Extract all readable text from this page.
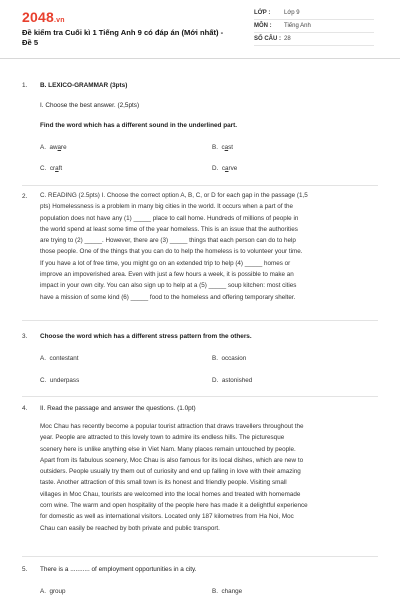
2048.vn
Đề kiểm tra Cuối kì 1 Tiếng Anh 9 có đáp án (Mới nhất) - Đề 5
LỚP : Lớp 9
MÔN : Tiếng Anh
SỐ CÂU : 28
1. B. LEXICO-GRAMMAR (3pts)
I. Choose the best answer. (2,5pts)
Find the word which has a different sound in the underlined part.
A. aware	B. cast
C. craft	D. carve
2. C. READING (2.5pts) I. Choose the correct option A, B, C, or D for each gap in the passage (1,5
pts) Homelessness is a problem in many big cities in the world. It occurs when a part of the
population does not have any (1) _____ place to call home. Hundreds of millions of people in
the world spend at least some time of the year homeless. This is an issue that the authorities
are trying to (2) _____. However, there are (3) _____ things that each person can do to help
those people. One of the things that you can do to help the homeless is to volunteer your time.
If you have a lot of free time, you might go on an extended trip to help (4) _____ homes or
improve an impoverished area. Even with just a few hours a week, it is possible to make an
impact in your own city. You can also sign up to help at a (5) _____ soup kitchen: most cities
have a mission of some kind (6) _____ food to the homeless and offering temporary shelter.
3. Choose the word which has a different stress pattern from the others.
A. contestant	B. occasion
C. underpass	D. astonished
4. II. Read the passage and answer the questions. (1.0pt)
Moc Chau has recently become a popular tourist attraction that draws travellers throughout the
year. People are attracted to this lovely town to admire its endless hills. The picturesque
scenery here is unlike anything else in Viet Nam. Many places remain untouched by people.
Apart from its fabulous scenery, Moc Chau is also famous for its local dishes, which are new to
outsiders. People usually try them out of curiosity and end up falling in love with their amazing
taste. Another attraction of this small town is its honest and friendly people. Visiting small
villages in Moc Chau, tourists are welcomed into the local homes and treated with homemade
corn wine. The warm and open hospitality of the people here has made it a delightful experience
for domestic as well as international visitors. Located only 187 kilometres from Ha Noi, Moc
Chau can easily be reached by both private and public transport.
5. There is a ........... of employment opportunities in a city.
A. group	B. change
